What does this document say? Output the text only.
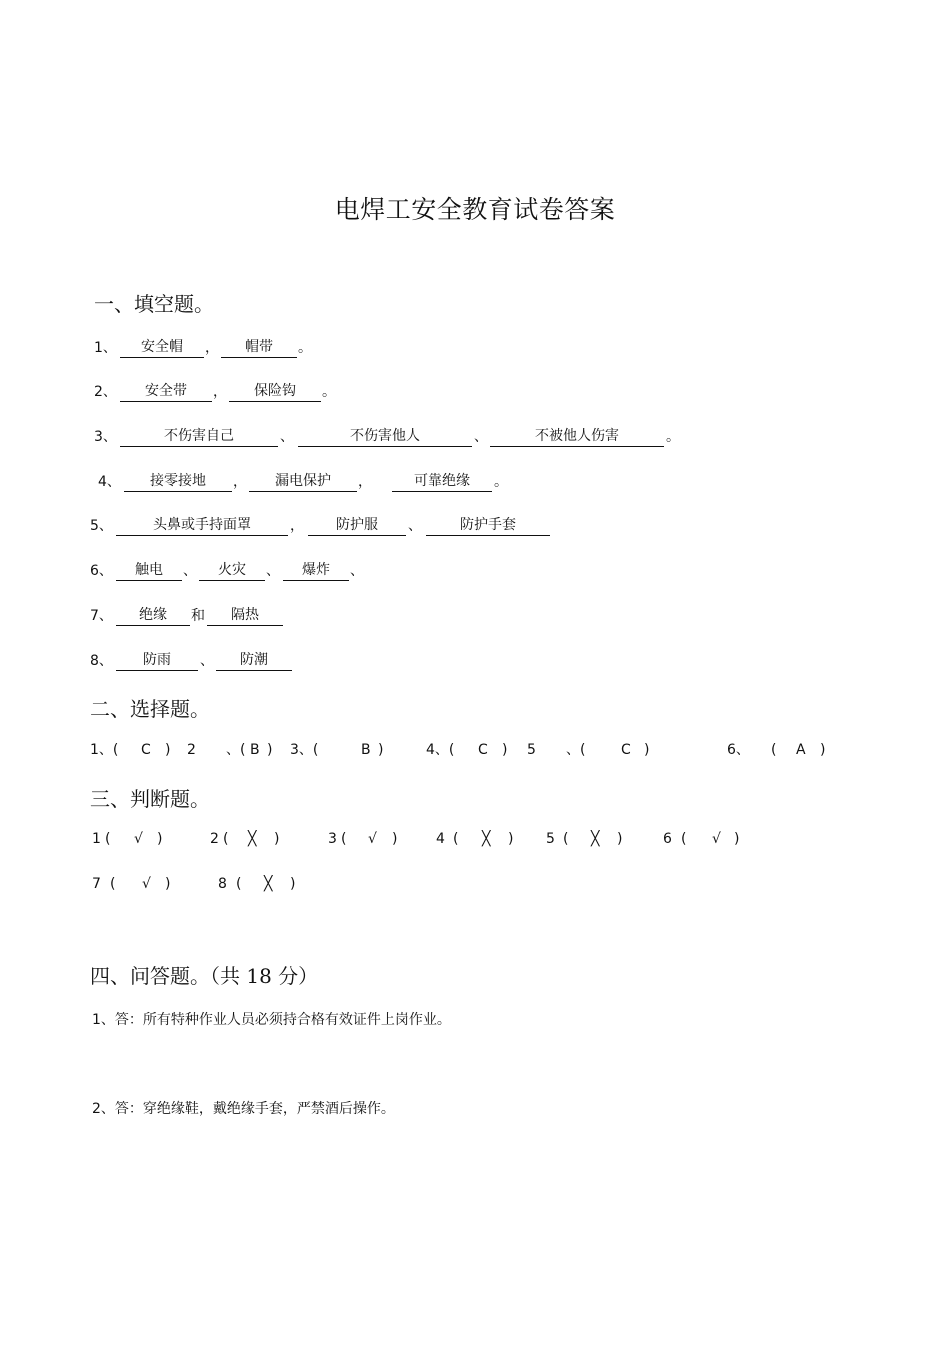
电焊工安全教育试卷答案
一、填空题。
1、	安全帽	，	帽带	。
2、	安全带	，	保险钩	。
3、	不伤害自己	、	不伤害他人	、	不被他人伤害	。
4、	接零接地	，	漏电保护	，	可靠绝缘	。
5、	头鼻或手持面罩	，	防护服	、	防护手套
6、	触电	、	火灾	、	爆炸	、
7、	绝缘	和	隔热
8、	防雨	、	防潮
二、选择题。
1、( C ) 2 、( B ) 3、(	B )	4、( C ) 5 、(	C )	6、 ( A )
三、判断题。
1 ( √ )	2 ( ╳ )	3 ( √ )	4 ( ╳ ) 5 ( ╳ )	6 ( √ )
7 ( √ )	8 ( ╳ )
四、问答题。（共 18 分）
1、答：所有特种作业人员必须持合格有效证件上岗作业。
2、答：穿绝缘鞋，戴绝缘手套，严禁酒后操作。
